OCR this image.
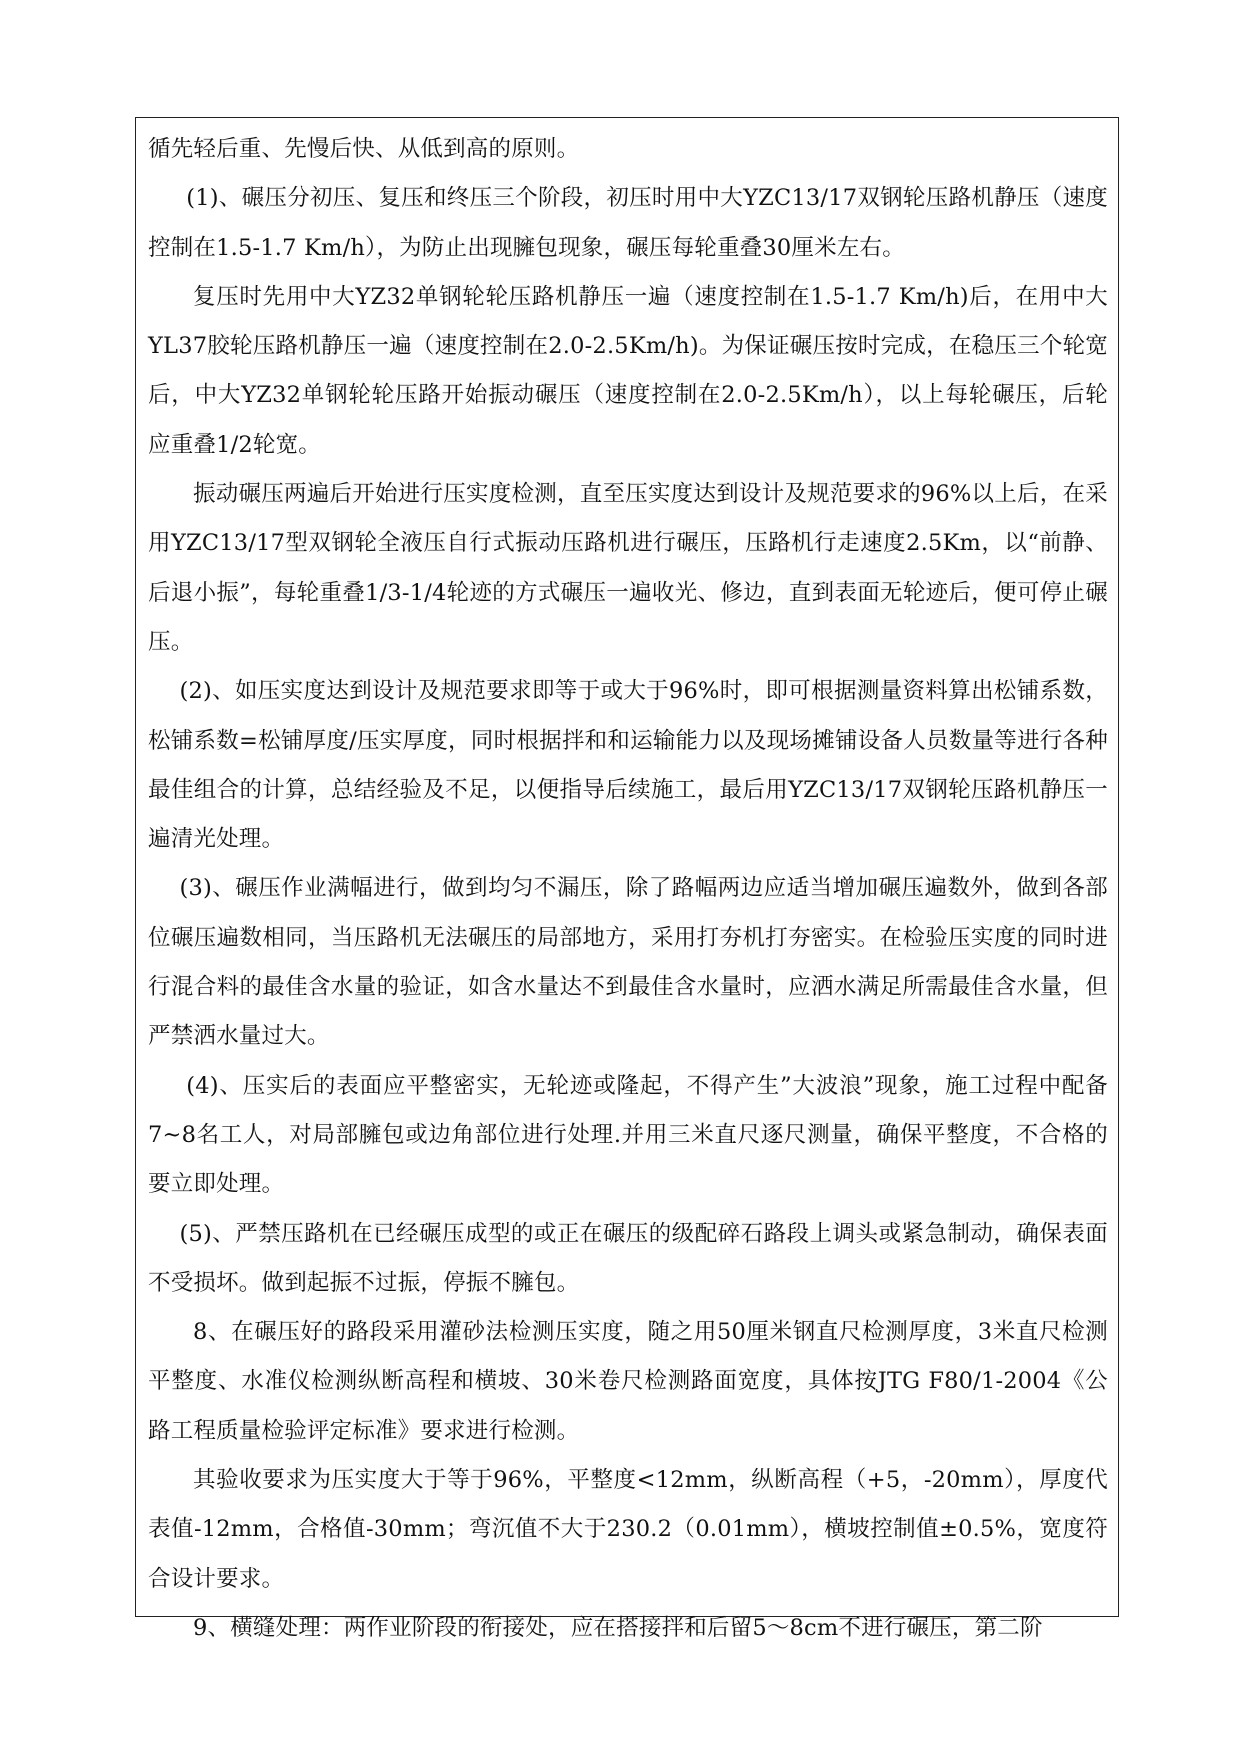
循先轻后重、先慢后快、从低到高的原则。

(1)、碾压分初压、复压和终压三个阶段，初压时用中大YZC13/17双钢轮压路机静压（速度控制在1.5-1.7 Km/h），为防止出现臃包现象，碾压每轮重叠30厘米左右。

复压时先用中大YZ32单钢轮轮压路机静压一遍（速度控制在1.5-1.7 Km/h)后，在用中大YL37胶轮压路机静压一遍（速度控制在2.0-2.5Km/h)。为保证碾压按时完成，在稳压三个轮宽后，中大YZ32单钢轮轮压路开始振动碾压（速度控制在2.0-2.5Km/h），以上每轮碾压，后轮应重叠1/2轮宽。

振动碾压两遍后开始进行压实度检测，直至压实度达到设计及规范要求的96%以上后，在采用YZC13/17型双钢轮全液压自行式振动压路机进行碾压，压路机行走速度2.5Km，以“前静、后退小振”，每轮重叠1/3-1/4轮迹的方式碾压一遍收光、修边，直到表面无轮迹后，便可停止碾压。

(2)、如压实度达到设计及规范要求即等于或大于96%时，即可根据测量资料算出松铺系数，松铺系数=松铺厚度/压实厚度，同时根据拌和和运输能力以及现场摊铺设备人员数量等进行各种最佳组合的计算，总结经验及不足，以便指导后续施工，最后用YZC13/17双钢轮压路机静压一遍清光处理。

(3)、碾压作业满幅进行，做到均匀不漏压，除了路幅两边应适当增加碾压遍数外，做到各部位碾压遍数相同，当压路机无法碾压的局部地方，采用打夯机打夯密实。在检验压实度的同时进行混合料的最佳含水量的验证，如含水量达不到最佳含水量时，应洒水满足所需最佳含水量，但严禁洒水量过大。

(4)、压实后的表面应平整密实，无轮迹或隆起，不得产生”大波浪”现象，施工过程中配备7~8名工人，对局部臃包或边角部位进行处理.并用三米直尺逐尺测量，确保平整度，不合格的要立即处理。

(5)、严禁压路机在已经碾压成型的或正在碾压的级配碎石路段上调头或紧急制动，确保表面不受损坏。做到起振不过振，停振不臃包。

8、在碾压好的路段采用灌砂法检测压实度，随之用50厘米钢直尺检测厚度，3米直尺检测平整度、水准仪检测纵断高程和横坡、30米卷尺检测路面宽度，具体按JTG F80/1-2004《公路工程质量检验评定标准》要求进行检测。

其验收要求为压实度大于等于96%，平整度<12mm，纵断高程（+5，-20mm），厚度代表值-12mm，合格值-30mm；弯沉值不大于230.2（0.01mm），横坡控制值±0.5%，宽度符合设计要求。

9、横缝处理：两作业阶段的衔接处，应在搭接拌和后留5～8cm不进行碾压，第二阶
